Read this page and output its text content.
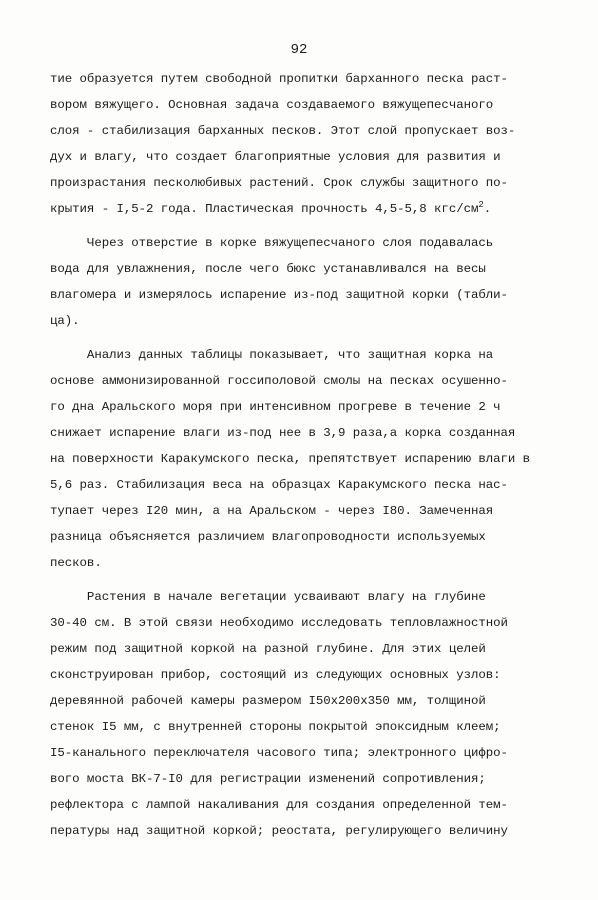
92
тие образуется путем свободной пропитки барханного песка раст-
вором вяжущего. Основная задача создаваемого вяжущепесчаного
слоя - стабилизация барханных песков. Этот слой пропускает воз-
дух и влагу, что создает благоприятные условия для развития и
произрастания песколюбивых растений. Срок службы защитного по-
крытия - I,5-2 года. Пластическая прочность 4,5-5,8 кгс/$см^2$.
Через отверстие в корке вяжущепесчаного слоя подавалась
вода для увлажнения, после чего бюкс устанавливался на весы
влагомера и измерялось испарение из-под защитной корки (табли-
ца).
Анализ данных таблицы показывает, что защитная корка на
основе аммонизированной госсиполовой смолы на песках осушенно-
го дна Аральского моря при интенсивном прогреве в течение 2 ч
снижает испарение влаги из-под нее в 3,9 раза,а корка созданная
на поверхности Каракумского песка, препятствует испарению влаги в
5,6 раз. Стабилизация веса на образцах Каракумского песка нас-
тупает через I20 мин, а на Аральском - через I80. Замеченная
разница объясняется различием влагопроводности используемых
песков.
Растения в начале вегетации усваивают влагу на глубине
30-40 см. В этой связи необходимо исследовать тепловлажностной
режим под защитной коркой на разной глубине. Для этих целей
сконструирован прибор, состоящий из следующих основных узлов:
деревянной рабочей камеры размером I50х200х350 мм, толщиной
стенок I5 мм, с внутренней стороны покрытой эпоксидным клеем;
I5-канального переключателя часового типа; электронного цифро-
вого моста ВК-7-I0 для регистрации изменений сопротивления;
рефлектора с лампой накаливания для создания определенной тем-
пературы над защитной коркой; реостата, регулирующего величину
